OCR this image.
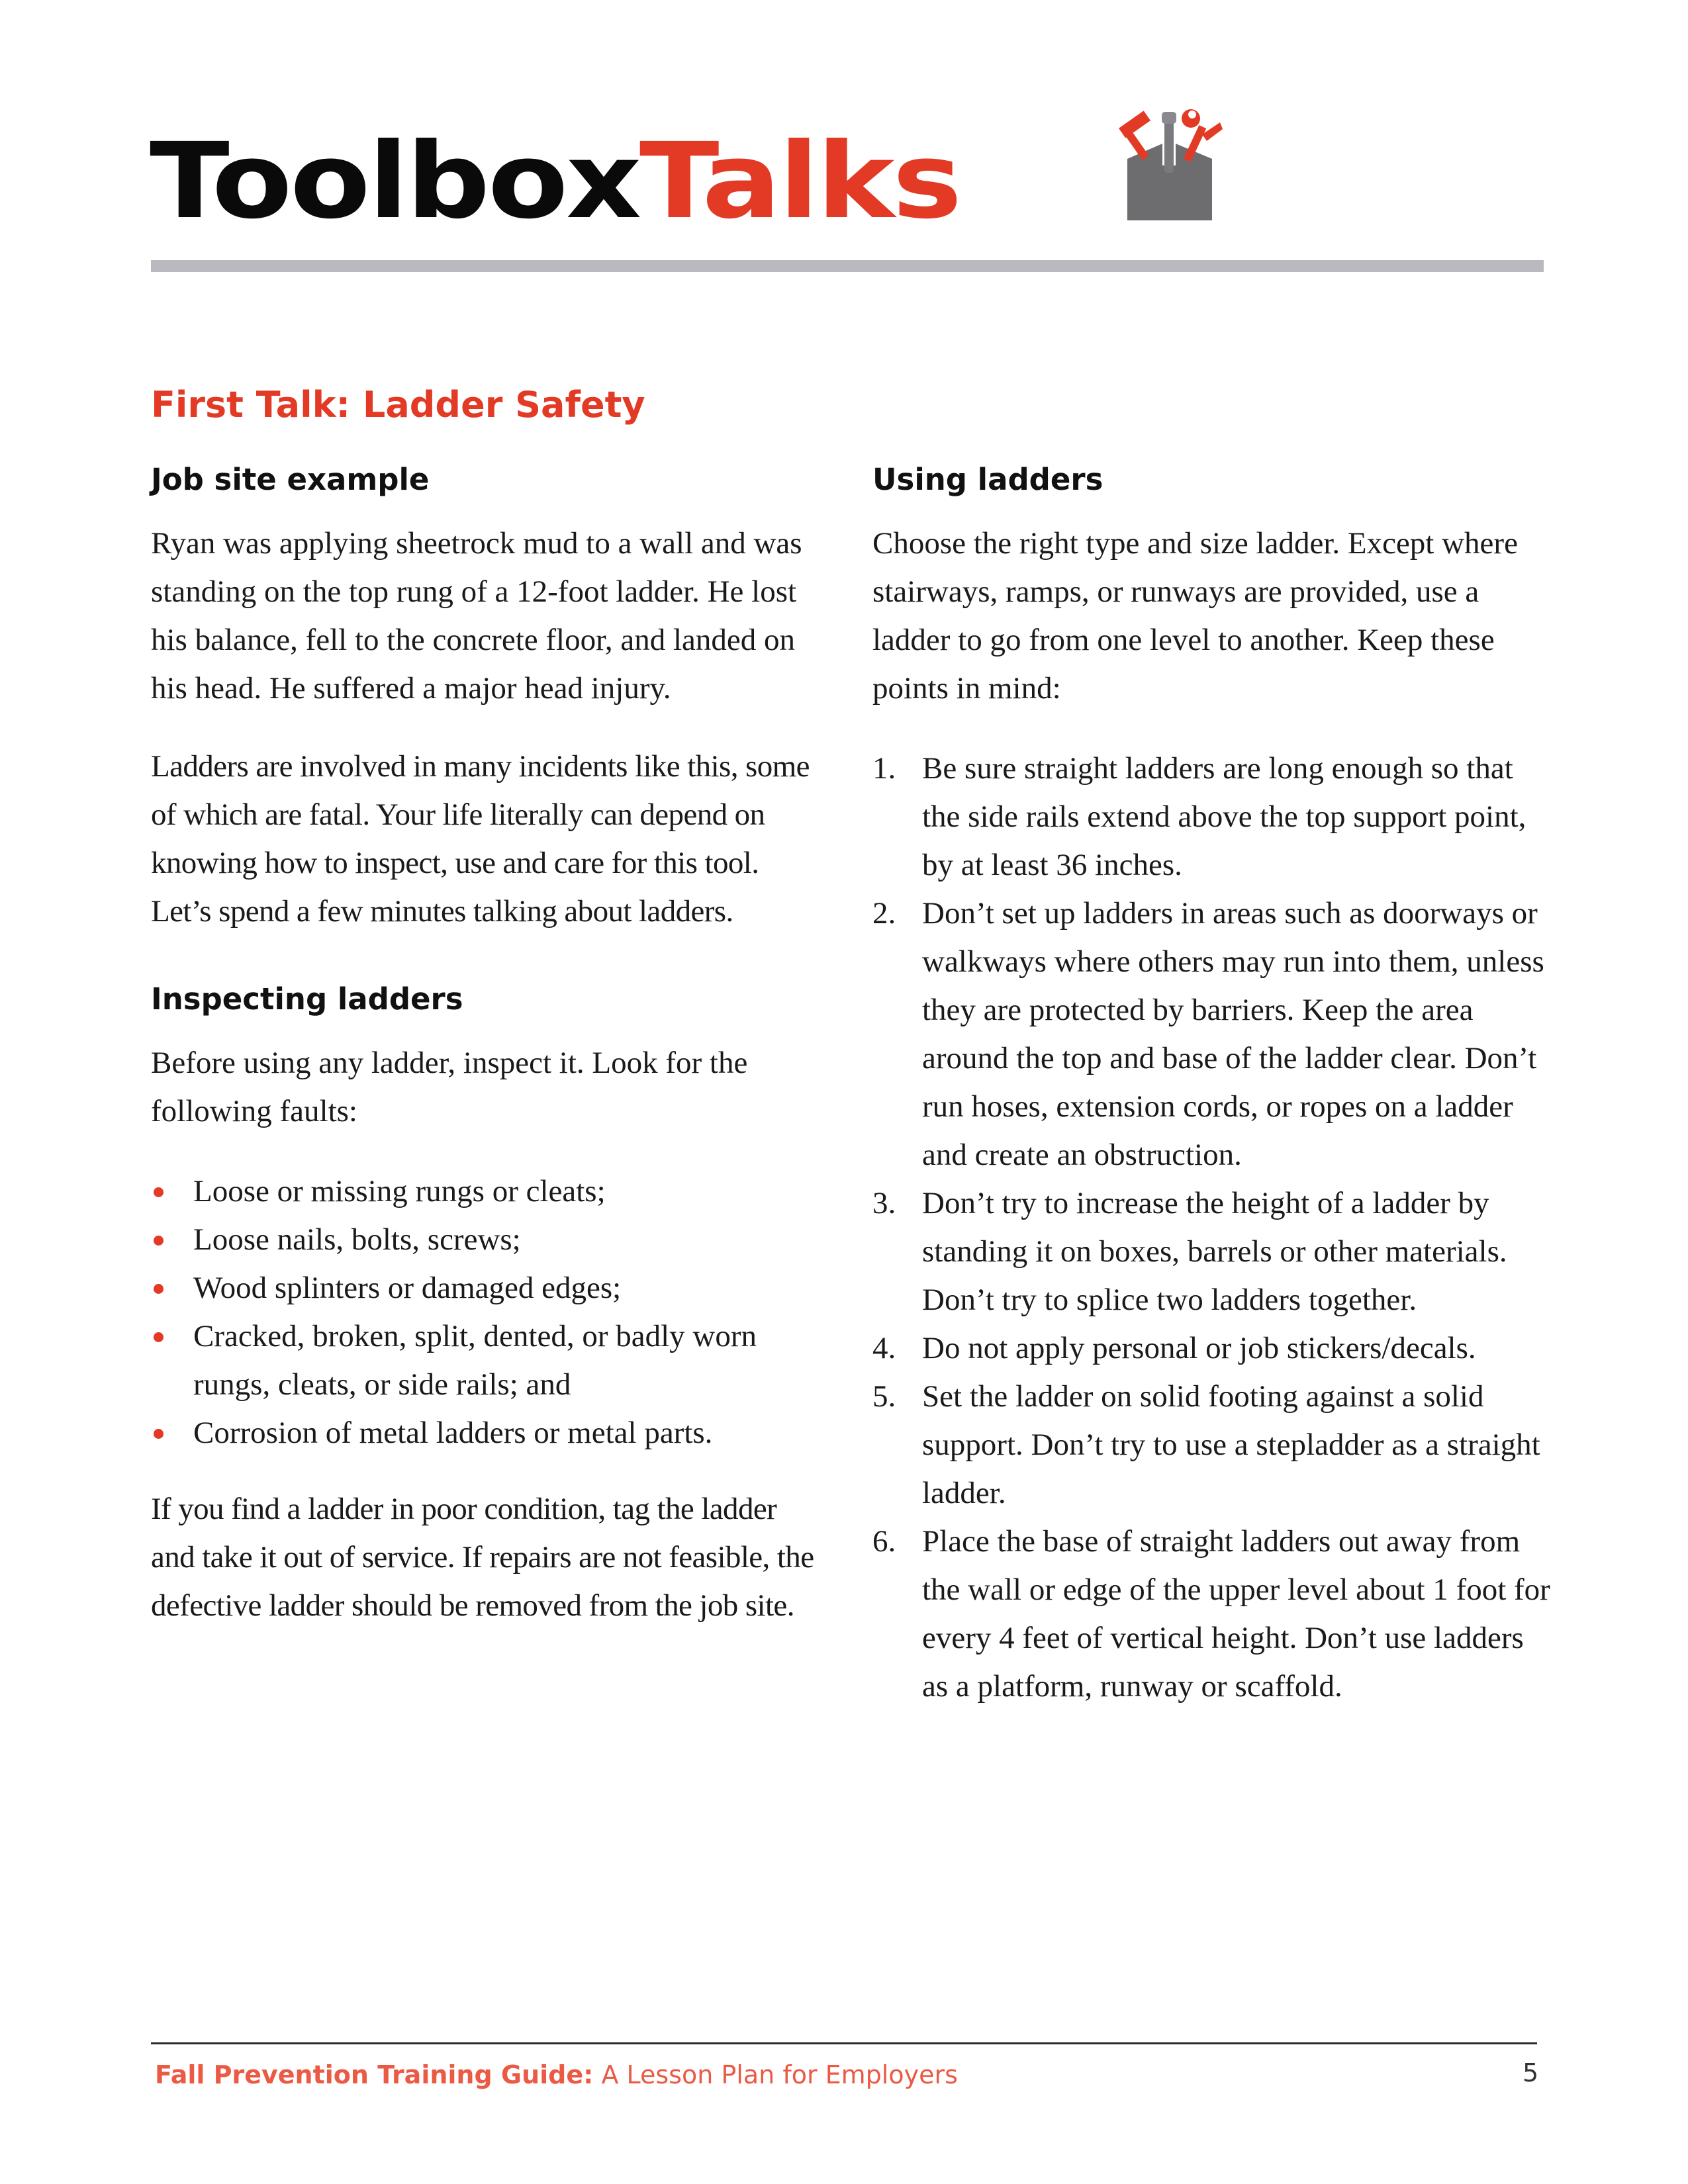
ToolboxTalks
First Talk: Ladder Safety
Job site example

Ryan was applying sheetrock mud to a wall and was standing on the top rung of a 12-foot ladder. He lost his balance, fell to the concrete floor, and landed on his head. He suffered a major head injury.

Ladders are involved in many incidents like this, some of which are fatal. Your life literally can depend on knowing how to inspect, use and care for this tool. Let’s spend a few minutes talking about ladders.

Inspecting ladders

Before using any ladder, inspect it. Look for the following faults:

Loose or missing rungs or cleats;
Loose nails, bolts, screws;
Wood splinters or damaged edges;
Cracked, broken, split, dented, or badly worn rungs, cleats, or side rails; and
Corrosion of metal ladders or metal parts.

If you find a ladder in poor condition, tag the ladder and take it out of service. If repairs are not feasible, the defective ladder should be removed from the job site.

Using ladders

Choose the right type and size ladder. Except where stairways, ramps, or runways are provided, use a ladder to go from one level to another. Keep these points in mind:

1. Be sure straight ladders are long enough so that the side rails extend above the top support point, by at least 36 inches.
2. Don’t set up ladders in areas such as doorways or walkways where others may run into them, unless they are protected by barriers. Keep the area around the top and base of the ladder clear. Don’t run hoses, extension cords, or ropes on a ladder and create an obstruction.
3. Don’t try to increase the height of a ladder by standing it on boxes, barrels or other materials. Don’t try to splice two ladders together.
4. Do not apply personal or job stickers/decals.
5. Set the ladder on solid footing against a solid support. Don’t try to use a stepladder as a straight ladder.
6. Place the base of straight ladders out away from the wall or edge of the upper level about 1 foot for every 4 feet of vertical height. Don’t use ladders as a platform, runway or scaffold.
Fall Prevention Training Guide: A Lesson Plan for Employers	5
